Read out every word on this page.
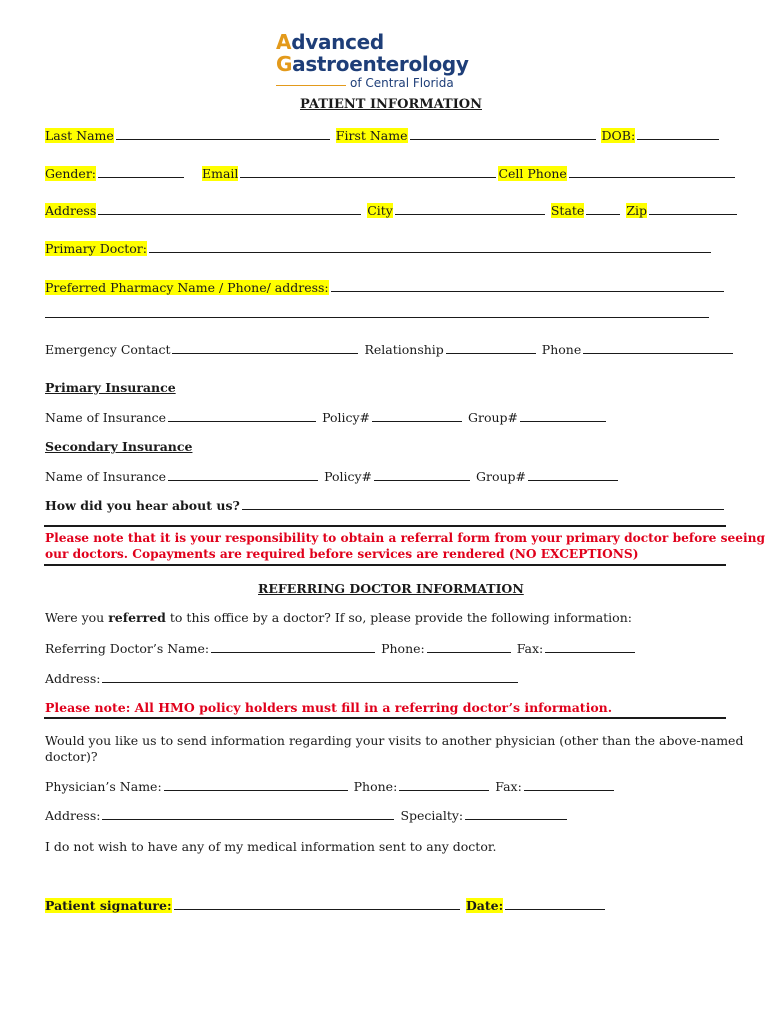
Advanced
Gastroenterology
of Central Florida
PATIENT INFORMATION
Last Name	First Name	DOB:
Gender:	Email	Cell Phone
Address	City	State	Zip
Primary Doctor:
Preferred Pharmacy Name / Phone/ address:
Emergency Contact	Relationship	Phone
Primary Insurance
Name of Insurance	Policy#	Group#
Secondary Insurance
Name of Insurance	Policy#	Group#
How did you hear about us?
Please note that it is your responsibility to obtain a referral form from your primary doctor before seeing
our doctors. Copayments are required before services are rendered (NO EXCEPTIONS)
REFERRING DOCTOR INFORMATION
Were you referred to this office by a doctor? If so, please provide the following information:
Referring Doctor’s Name:	Phone:	Fax:
Address:
Please note: All HMO policy holders must fill in a referring doctor’s information.
Would you like us to send information regarding your visits to another physician (other than the above-named
doctor)?
Physician’s Name:	Phone:	Fax:
Address:	Specialty:
I do not wish to have any of my medical information sent to any doctor.
Patient signature:	Date:
